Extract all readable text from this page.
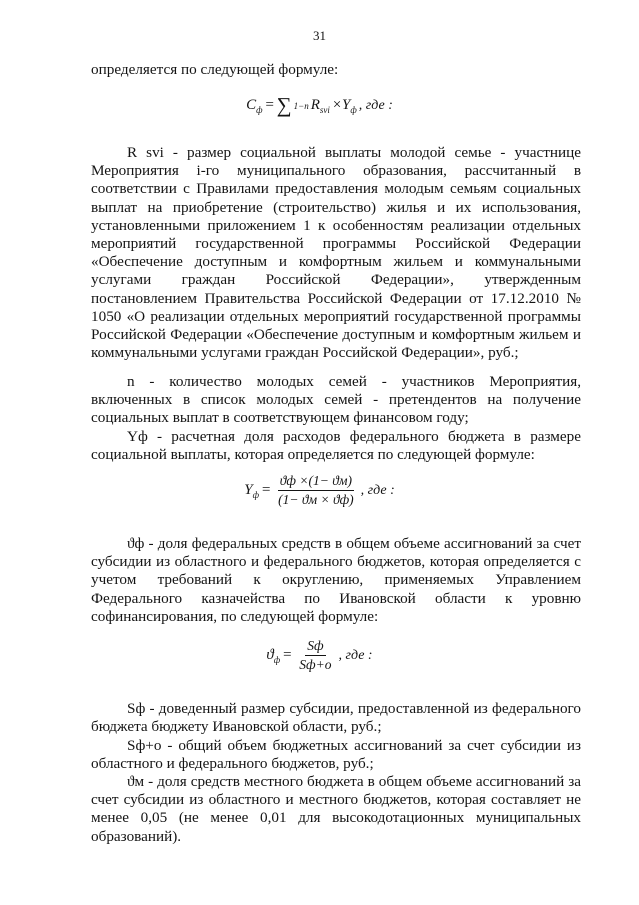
31

определяется по следующей формуле:

$C_ф$ = ∑ 1−n $R_{svi} \times Y_ф$ , где :

R svi - размер социальной выплаты молодой семье - участнице Мероприятия i-го муниципального образования, рассчитанный в соответствии с Правилами предоставления молодым семьям социальных выплат на приобретение (строительство) жилья и их использования, установленными приложением 1 к особенностям реализации отдельных мероприятий государственной программы Российской Федерации «Обеспечение доступным и комфортным жильем и коммунальными услугами граждан Российской Федерации», утвержденным постановлением Правительства Российской Федерации от 17.12.2010 № 1050 «О реализации отдельных мероприятий государственной программы Российской Федерации «Обеспечение доступным и комфортным жильем и коммунальными услугами граждан Российской Федерации», руб.;

n - количество молодых семей - участников Мероприятия, включенных в список молодых семей - претендентов на получение социальных выплат в соответствующем финансовом году;

Yф - расчетная доля расходов федерального бюджета в размере социальной выплаты, которая определяется по следующей формуле:

$Y_ф = \frac{ϑф \times(1- ϑм)}{(1- ϑм \times ϑф)}$ , где :

ϑф - доля федеральных средств в общем объеме ассигнований за счет субсидии из областного и федерального бюджетов, которая определяется с учетом требований к округлению, применяемых Управлением Федерального казначейства по Ивановской области к уровню софинансирования, по следующей формуле:

$ϑ_ф = \frac{Sф}{Sф+о}$ , где :

Sф - доведенный размер субсидии, предоставленной из федерального бюджета бюджету Ивановской области, руб.;

Sф+о - общий объем бюджетных ассигнований за счет субсидии из областного и федерального бюджетов, руб.;

ϑм - доля средств местного бюджета в общем объеме ассигнований за счет субсидии из областного и местного бюджетов, которая составляет не менее 0,05 (не менее 0,01 для высокодотационных муниципальных образований).
